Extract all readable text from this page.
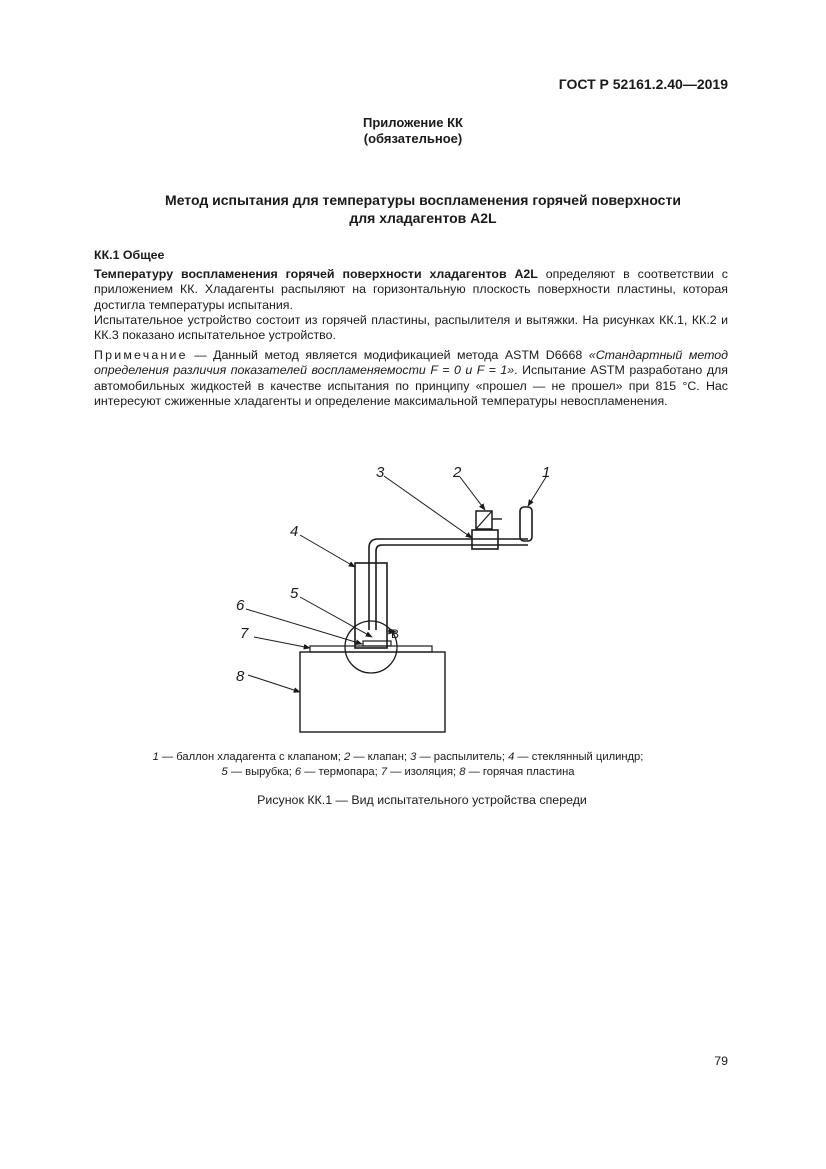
ГОСТ Р 52161.2.40—2019
Приложение КК
(обязательное)
Метод испытания для температуры воспламенения горячей поверхности
для хладагентов A2L
КК.1 Общее
Температуру воспламенения горячей поверхности хладагентов A2L определяют в соответствии с приложением КК. Хладагенты распыляют на горизонтальную плоскость поверхности пластины, которая достигла температуры испытания.
Испытательное устройство состоит из горячей пластины, распылителя и вытяжки. На рисунках КК.1, КК.2 и КК.3 показано испытательное устройство.
Примечание — Данный метод является модификацией метода ASTM D6668 «Стандартный метод определения различия показателей воспламеняемости F = 0 и F = 1». Испытание ASTM разработано для автомобильных жидкостей в качестве испытания по принципу «прошел — не прошел» при 815 °С. Нас интересуют сжиженные хладагенты и определение максимальной температуры невоспламенения.
B
1
2
3
4
5
6
7
8
1 — баллон хладагента с клапаном; 2 — клапан; 3 — распылитель; 4 — стеклянный цилиндр;
5 — вырубка; 6 — термопара; 7 — изоляция; 8 — горячая пластина
Рисунок КК.1 — Вид испытательного устройства спереди
79
